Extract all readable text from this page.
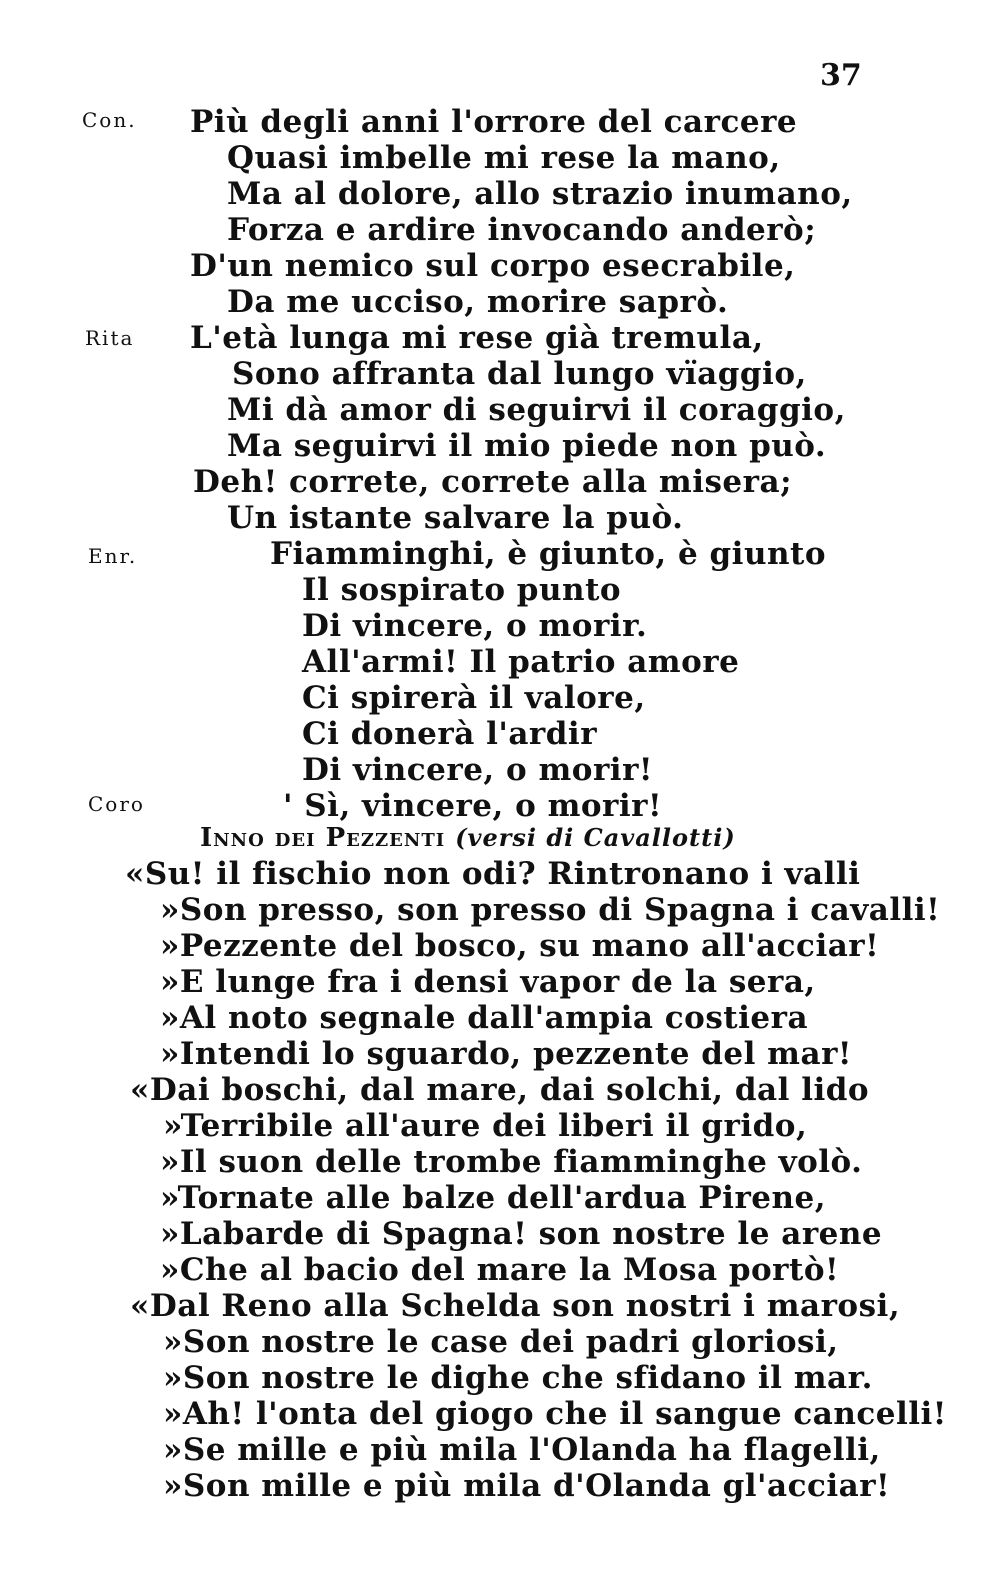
37
Con.
Rita
Enr.
Coro
Più degli anni l'orrore del carcere
Quasi imbelle mi rese la mano,
Ma al dolore, allo strazio inumano,
Forza e ardire invocando anderò;
D'un nemico sul corpo esecrabile,
Da me ucciso, morire saprò.
L'età lunga mi rese già tremula,
Sono affranta dal lungo vïaggio,
Mi dà amor di seguirvi il coraggio,
Ma seguirvi il mio piede non può.
Deh! correte, correte alla misera;
Un istante salvare la può.
Fiamminghi, è giunto, è giunto
Il sospirato punto
Di vincere, o morir.
All'armi! Il patrio amore
Ci spirerà il valore,
Ci donerà l'ardir
Di vincere, o morir!
' Sì, vincere, o morir!
Inno dei Pezzenti (versi di Cavallotti)
«Su! il fischio non odi? Rintronano i valli
»Son presso, son presso di Spagna i cavalli!
»Pezzente del bosco, su mano all'acciar!
»E lunge fra i densi vapor de la sera,
»Al noto segnale dall'ampia costiera
»Intendi lo sguardo, pezzente del mar!
«Dai boschi, dal mare, dai solchi, dal lido
»Terribile all'aure dei liberi il grido,
»Il suon delle trombe fiamminghe volò.
»Tornate alle balze dell'ardua Pirene,
»Labarde di Spagna! son nostre le arene
»Che al bacio del mare la Mosa portò!
«Dal Reno alla Schelda son nostri i marosi,
»Son nostre le case dei padri gloriosi,
»Son nostre le dighe che sfidano il mar.
»Ah! l'onta del giogo che il sangue cancelli!
»Se mille e più mila l'Olanda ha flagelli,
»Son mille e più mila d'Olanda gl'acciar!
